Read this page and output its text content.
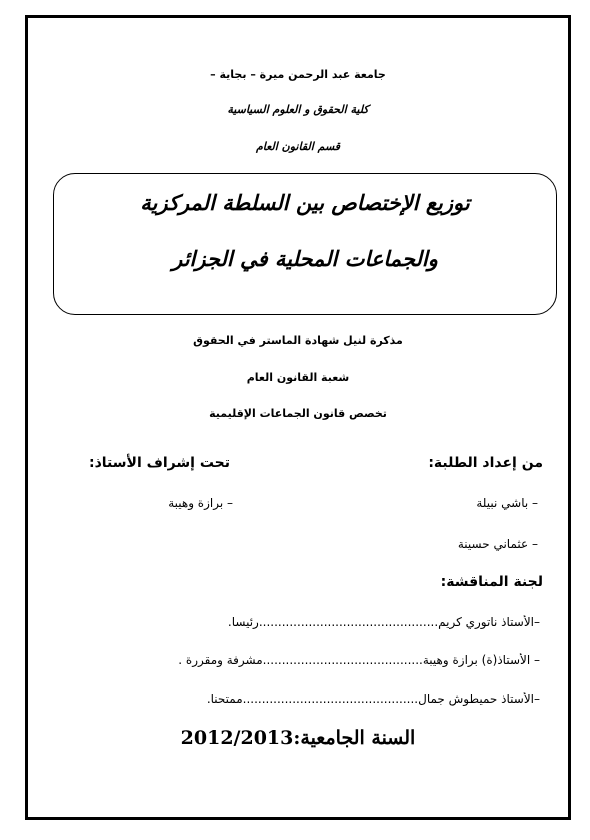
جامعة عبد الرحمن ميرة – بجاية –
كلية الحقوق و العلوم السياسية
قسم القانون العام
توزيع الإختصاص بين السلطة المركزية
والجماعات المحلية في الجزائر
مذكرة لنيل شهادة الماستر في الحقوق
شعبة القانون العام
تخصص قانون الجماعات الإقليمية
من إعداد الطلبة:
تحت إشراف الأستاذ:
– باشي نبيلة
– برازة وهيبة
– عثماني حسينة
لجنة المناقشة:
–الأستاذ ناتوري كريم...............................................رئيسا.
– الأستاذ(ة) برازة وهيبة..........................................مشرفة ومقررة .
–الأستاذ حميطوش جمال..............................................ممتحنا.
السنة الجامعية:2012/2013
